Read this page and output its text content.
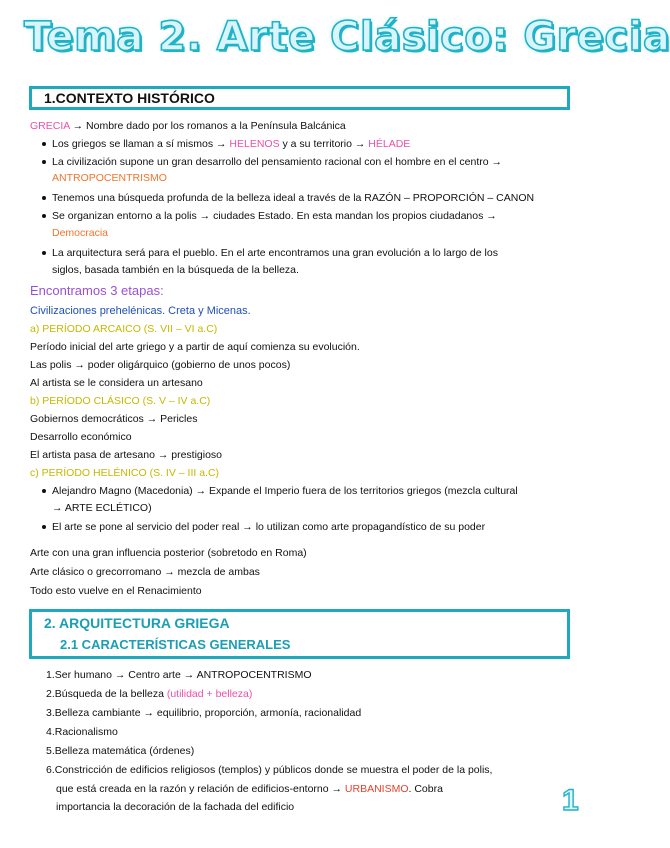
Tema 2. Arte Clásico: Grecia
1.CONTEXTO HISTÓRICO
GRECIA → Nombre dado por los romanos a la Península Balcánica
Los griegos se llaman a sí mismos → HELENOS y a su territorio → HÉLADE
La civilización supone un gran desarrollo del pensamiento racional con el hombre en el centro →
ANTROPOCENTRISMO
Tenemos una búsqueda profunda de la belleza ideal a través de la RAZÓN – PROPORCIÓN – CANON
Se organizan entorno a la polis → ciudades Estado. En esta mandan los propios ciudadanos →
Democracia
La arquitectura será para el pueblo. En el arte encontramos una gran evolución a lo largo de los
siglos, basada también en la búsqueda de la belleza.
Encontramos 3 etapas:
Civilizaciones prehelénicas. Creta y Micenas.
a) PERÍODO ARCAICO (S. VII – VI a.C)
Período inicial del arte griego y a partir de aquí comienza su evolución.
Las polis → poder oligárquico (gobierno de unos pocos)
Al artista se le considera un artesano
b) PERÍODO CLÁSICO (S. V – IV a.C)
Gobiernos democráticos → Pericles
Desarrollo económico
El artista pasa de artesano → prestigioso
c) PERÍODO HELÉNICO (S. IV – III a.C)
Alejandro Magno (Macedonia) → Expande el Imperio fuera de los territorios griegos (mezcla cultural
→ ARTE ECLÉTICO)
El arte se pone al servicio del poder real → lo utilizan como arte propagandístico de su poder
Arte con una gran influencia posterior (sobretodo en Roma)
Arte clásico o grecorromano → mezcla de ambas
Todo esto vuelve en el Renacimiento
2. ARQUITECTURA GRIEGA
2.1 CARACTERÍSTICAS GENERALES
1.Ser humano → Centro arte → ANTROPOCENTRISMO
2.Búsqueda de la belleza (utilidad + belleza)
3.Belleza cambiante → equilibrio, proporción, armonía, racionalidad
4.Racionalismo
5.Belleza matemática (órdenes)
6.Constricción de edificios religiosos (templos) y públicos donde se muestra el poder de la polis,
que está creada en la razón y relación de edificios-entorno → URBANISMO. Cobra
importancia la decoración de la fachada del edificio	1
